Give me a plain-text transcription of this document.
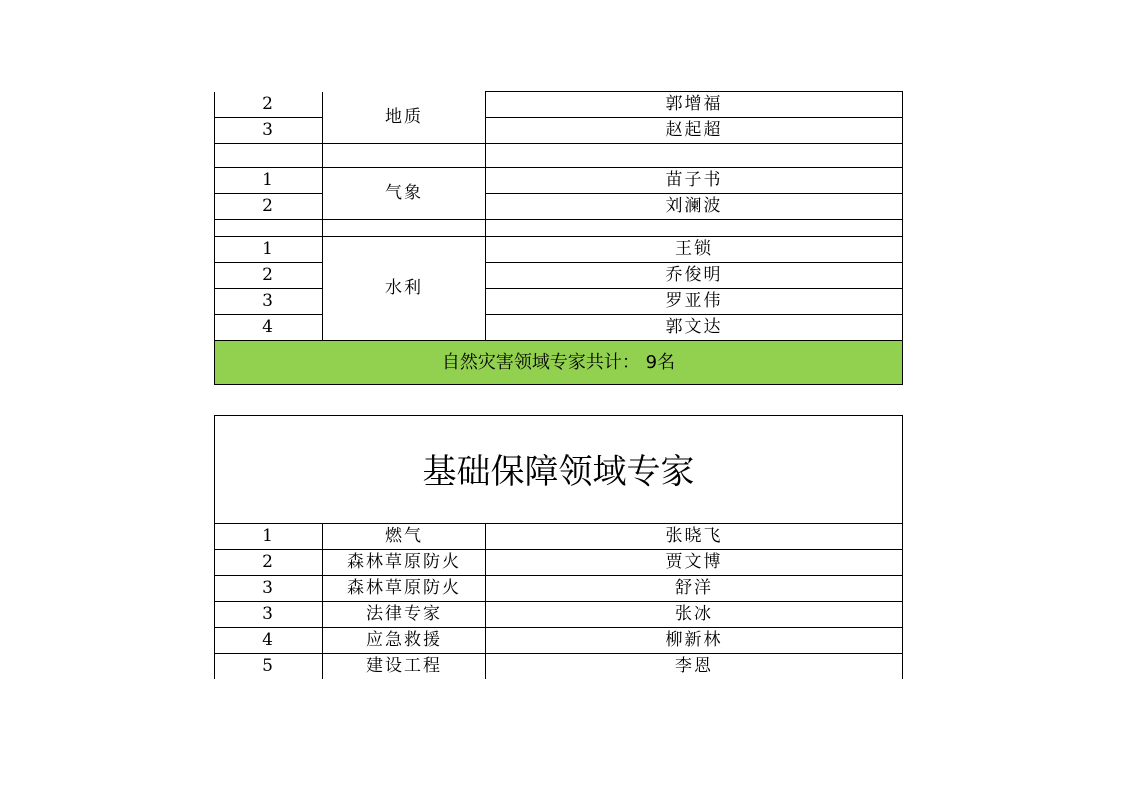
2	地质	郭增福
3		赵起超

1	气象	苗子书
2		刘澜波

1	水利	王锁
2		乔俊明
3		罗亚伟
4		郭文达
自然灾害领域专家共计： 9名		
基础保障领域专家		
1	燃气	张晓飞
2	森林草原防火	贾文博
3	森林草原防火	舒洋
3	法律专家	张冰
4	应急救援	柳新林
5	建设工程	李恩
